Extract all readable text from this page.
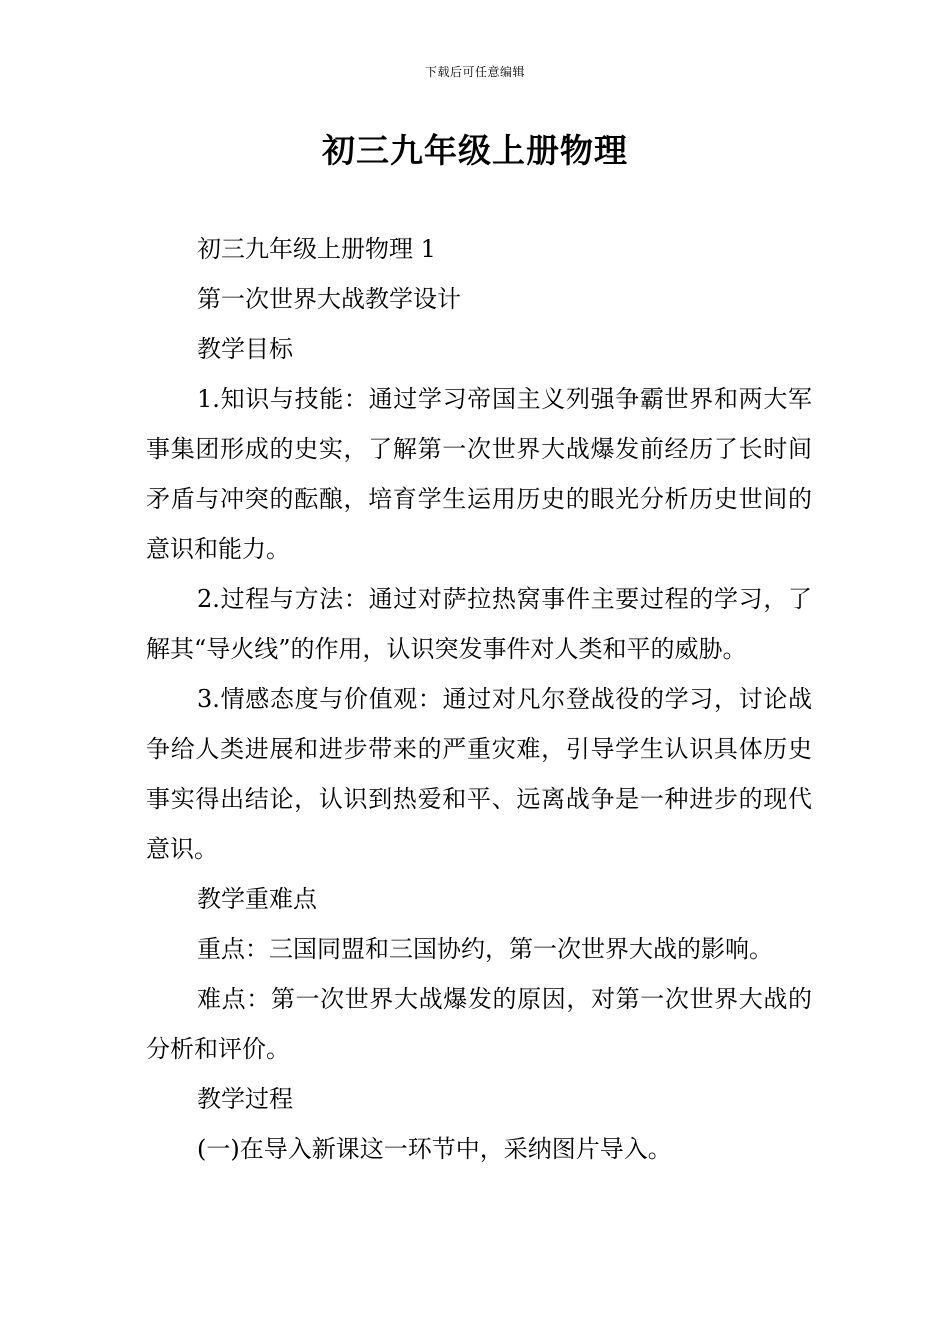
下载后可任意编辑
初三九年级上册物理

初三九年级上册物理 1

第一次世界大战教学设计

教学目标

1.知识与技能：通过学习帝国主义列强争霸世界和两大军事集团形成的史实，了解第一次世界大战爆发前经历了长时间矛盾与冲突的酝酿，培育学生运用历史的眼光分析历史世间的意识和能力。

2.过程与方法：通过对萨拉热窝事件主要过程的学习，了解其“导火线”的作用，认识突发事件对人类和平的威胁。

3.情感态度与价值观：通过对凡尔登战役的学习，讨论战争给人类进展和进步带来的严重灾难，引导学生认识具体历史事实得出结论，认识到热爱和平、远离战争是一种进步的现代意识。

教学重难点

重点：三国同盟和三国协约，第一次世界大战的影响。

难点：第一次世界大战爆发的原因，对第一次世界大战的分析和评价。

教学过程

(一)在导入新课这一环节中，采纳图片导入。
